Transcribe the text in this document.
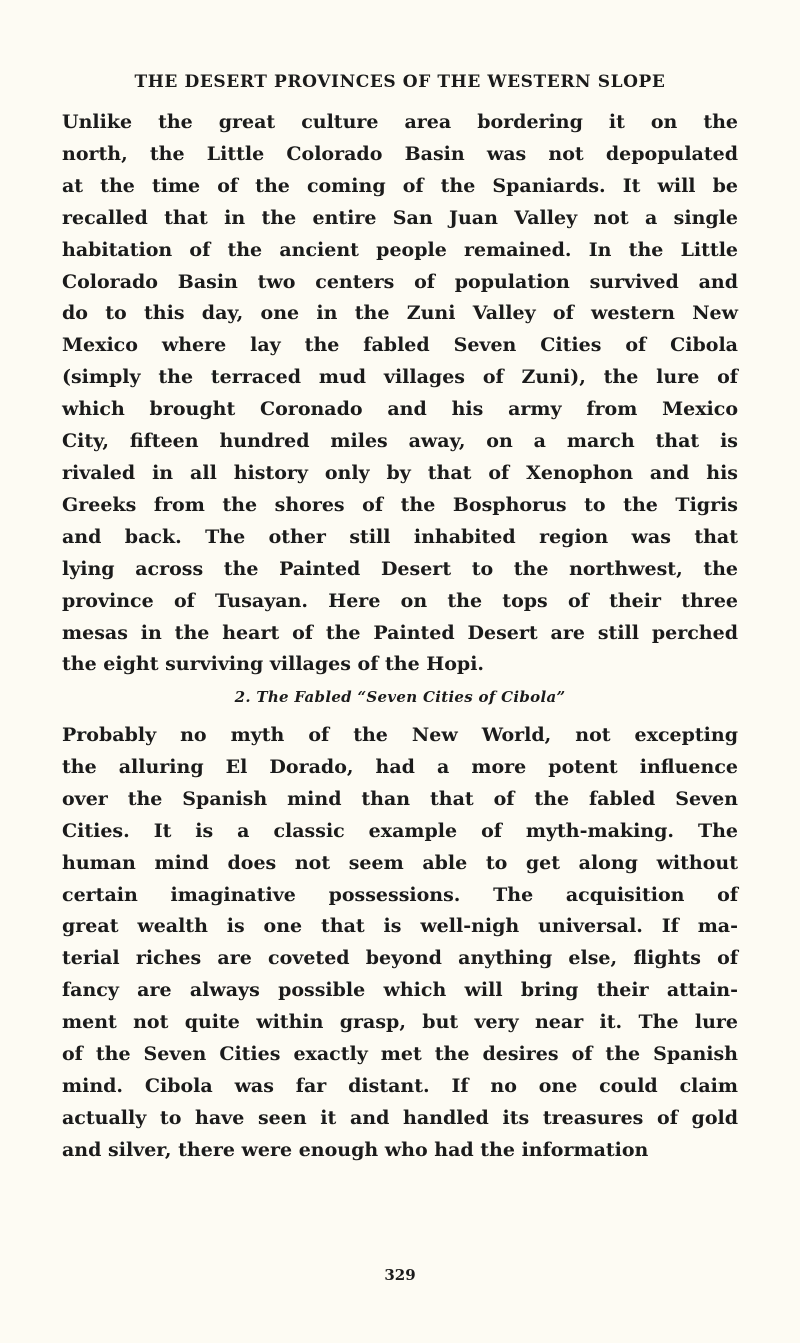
THE DESERT PROVINCES OF THE WESTERN SLOPE

Unlike the great culture area bordering it on the
north, the Little Colorado Basin was not depopulated
at the time of the coming of the Spaniards. It will be
recalled that in the entire San Juan Valley not a single
habitation of the ancient people remained. In the Little
Colorado Basin two centers of population survived and
do to this day, one in the Zuni Valley of western New
Mexico where lay the fabled Seven Cities of Cibola
(simply the terraced mud villages of Zuni), the lure of
which brought Coronado and his army from Mexico
City, fifteen hundred miles away, on a march that is
rivaled in all history only by that of Xenophon and his
Greeks from the shores of the Bosphorus to the Tigris
and back. The other still inhabited region was that
lying across the Painted Desert to the northwest, the
province of Tusayan. Here on the tops of their three
mesas in the heart of the Painted Desert are still perched
the eight surviving villages of the Hopi.

2. The Fabled “Seven Cities of Cibola”

Probably no myth of the New World, not excepting
the alluring El Dorado, had a more potent influence
over the Spanish mind than that of the fabled Seven
Cities. It is a classic example of myth-making. The
human mind does not seem able to get along without
certain imaginative possessions. The acquisition of
great wealth is one that is well-nigh universal. If ma-
terial riches are coveted beyond anything else, flights of
fancy are always possible which will bring their attain-
ment not quite within grasp, but very near it. The lure
of the Seven Cities exactly met the desires of the Spanish
mind. Cibola was far distant. If no one could claim
actually to have seen it and handled its treasures of gold
and silver, there were enough who had the information

329
